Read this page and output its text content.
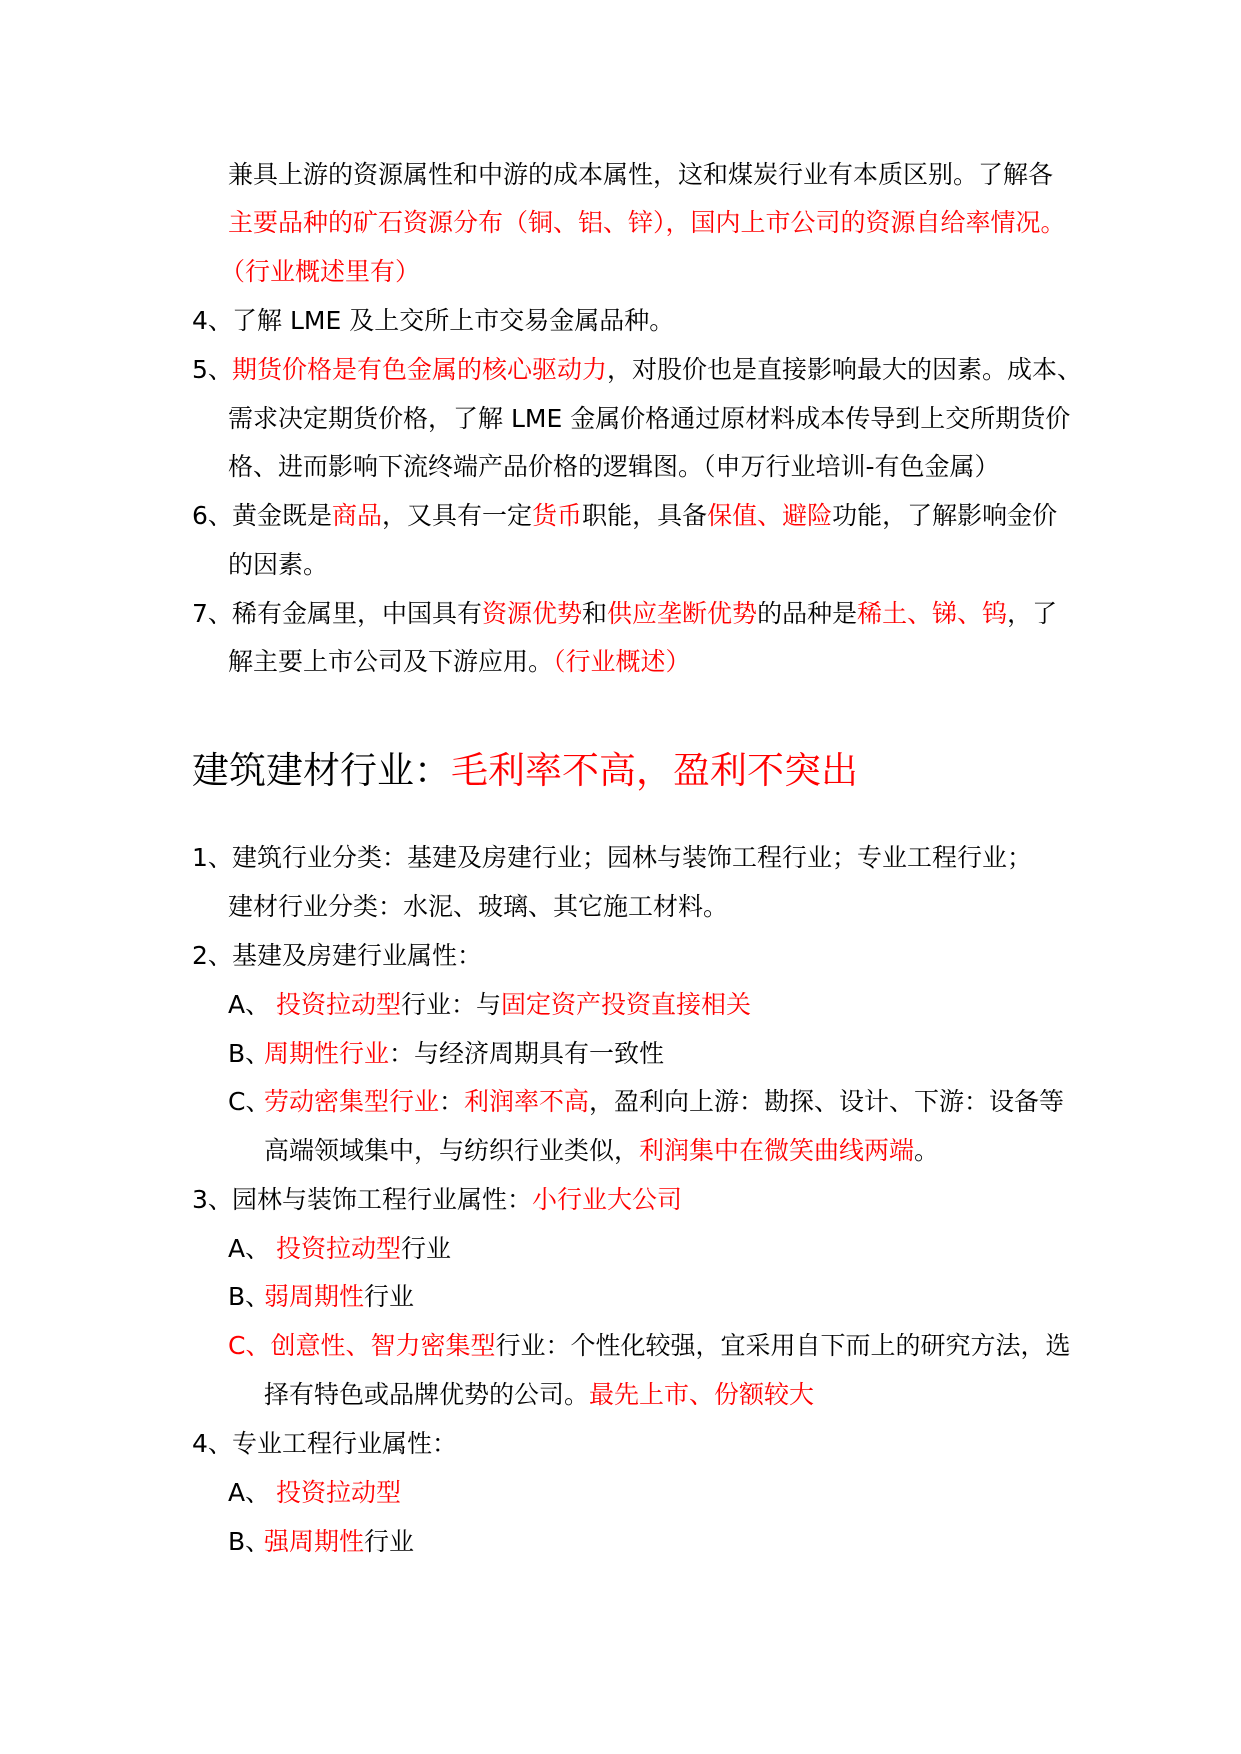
兼具上游的资源属性和中游的成本属性，这和煤炭行业有本质区别。了解各
主要品种的矿石资源分布（铜、铝、锌），国内上市公司的资源自给率情况。
（行业概述里有）
4、 了解 LME 及上交所上市交易金属品种。
5、 期货价格是有色金属的核心驱动力，对股价也是直接影响最大的因素。成本、
需求决定期货价格，了解 LME 金属价格通过原材料成本传导到上交所期货价
格、进而影响下流终端产品价格的逻辑图。（申万行业培训-有色金属）
6、 黄金既是商品，又具有一定货币职能，具备保值、避险功能，了解影响金价
的因素。
7、 稀有金属里，中国具有资源优势和供应垄断优势的品种是稀土、锑、钨，了
解主要上市公司及下游应用。（行业概述）
建筑建材行业：毛利率不高，盈利不突出
1、 建筑行业分类：基建及房建行业；园林与装饰工程行业；专业工程行业；
建材行业分类：水泥、玻璃、其它施工材料。
2、 基建及房建行业属性：
A、 投资拉动型行业：与固定资产投资直接相关
B、
周期性行业：与经济周期具有一致性
C、
劳动密集型行业：利润率不高，盈利向上游：勘探、设计、下游：设备等
高端领域集中，与纺织行业类似，利润集中在微笑曲线两端。
3、 园林与装饰工程行业属性：小行业大公司
A、 投资拉动型行业
B、
弱周期性行业
C、创意性、智力密集型行业：个性化较强，宜采用自下而上的研究方法，选
择有特色或品牌优势的公司。最先上市、份额较大
4、 专业工程行业属性：
A、 投资拉动型
B、
强周期性行业
